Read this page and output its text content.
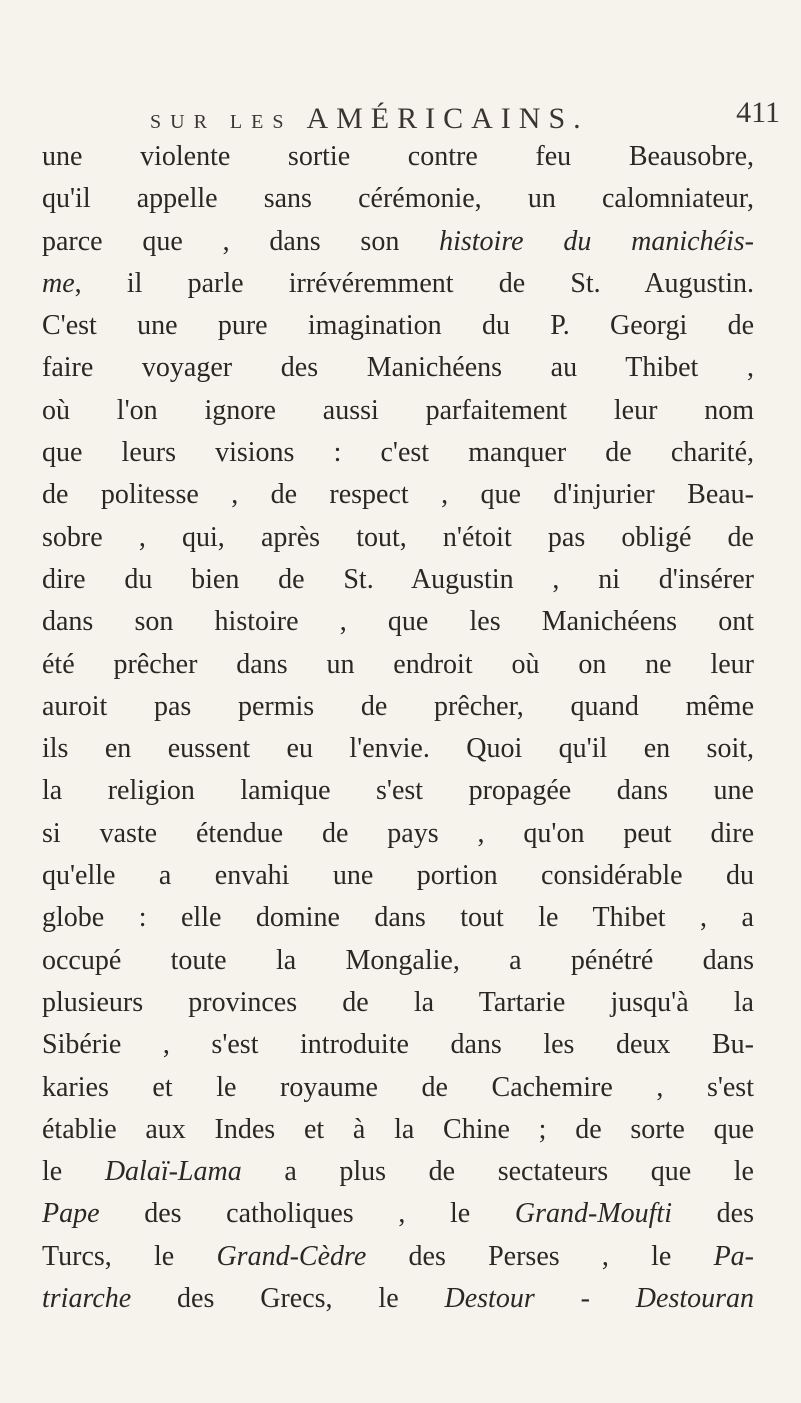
SUR LES AMÉRICAINS.	411
une violente sortie contre feu Beausobre,
qu'il appelle sans cérémonie, un calomniateur,
parce que , dans son histoire du manichéis-
me, il parle irrévéremment de St. Augustin.
C'est une pure imagination du P. Georgi de
faire voyager des Manichéens au Thibet ,
où l'on ignore aussi parfaitement leur nom
que leurs visions : c'est manquer de charité,
de politesse , de respect , que d'injurier Beau-
sobre , qui, après tout, n'étoit pas obligé de
dire du bien de St. Augustin , ni d'insérer
dans son histoire , que les Manichéens ont
été prêcher dans un endroit où on ne leur
auroit pas permis de prêcher, quand même
ils en eussent eu l'envie. Quoi qu'il en soit,
la religion lamique s'est propagée dans une
si vaste étendue de pays , qu'on peut dire
qu'elle a envahi une portion considérable du
globe : elle domine dans tout le Thibet , a
occupé toute la Mongalie, a pénétré dans
plusieurs provinces de la Tartarie jusqu'à la
Sibérie , s'est introduite dans les deux Bu-
karies et le royaume de Cachemire , s'est
établie aux Indes et à la Chine ; de sorte que
le Dalaï-Lama a plus de sectateurs que le
Pape des catholiques , le Grand-Moufti des
Turcs, le Grand-Cèdre des Perses , le Pa-
triarche des Grecs, le Destour - Destouran
